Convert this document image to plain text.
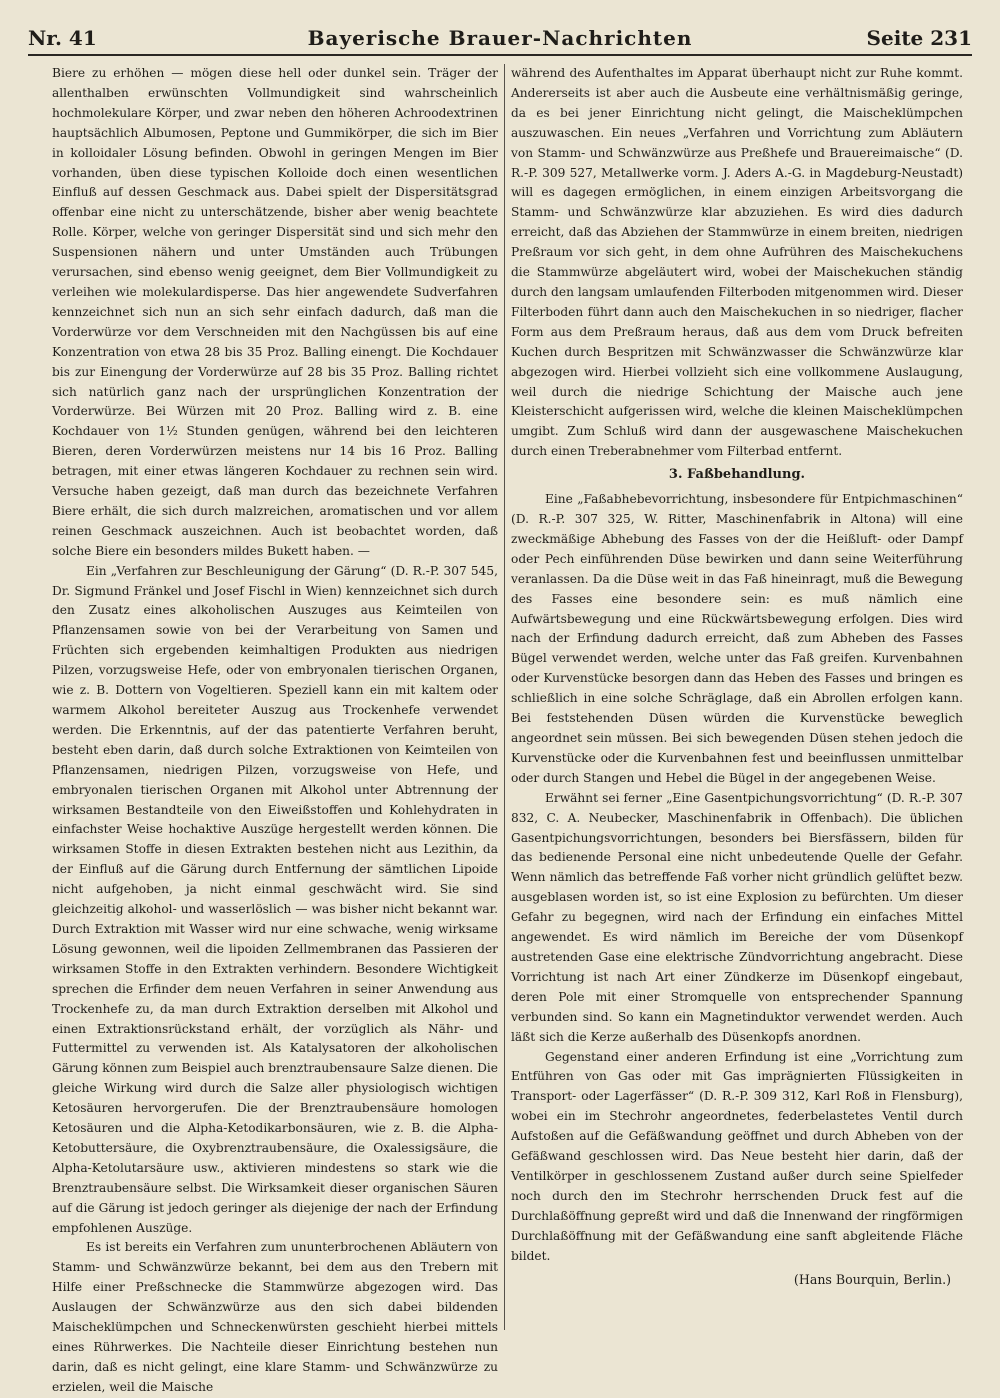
Nr. 41	Bayerische Brauer-Nachrichten	Seite 231

Biere zu erhöhen — mögen diese hell oder dunkel sein. Träger der allenthalben erwünschten Vollmundigkeit sind wahrscheinlich hochmolekulare Körper, und zwar neben den höheren Achroodextrinen hauptsächlich Albumosen, Peptone und Gummikörper, die sich im Bier in kolloidaler Lösung befinden. Obwohl in geringen Mengen im Bier vorhanden, üben diese typischen Kolloide doch einen wesentlichen Einfluß auf dessen Geschmack aus. Dabei spielt der Dispersitätsgrad offenbar eine nicht zu unterschätzende, bisher aber wenig beachtete Rolle. Körper, welche von geringer Dispersität sind und sich mehr den Suspensionen nähern und unter Umständen auch Trübungen verursachen, sind ebenso wenig geeignet, dem Bier Vollmundigkeit zu verleihen wie molekulardisperse. Das hier angewendete Sudverfahren kennzeichnet sich nun an sich sehr einfach dadurch, daß man die Vorderwürze vor dem Verschneiden mit den Nachgüssen bis auf eine Konzentration von etwa 28 bis 35 Proz. Balling einengt. Die Kochdauer bis zur Einengung der Vorderwürze auf 28 bis 35 Proz. Balling richtet sich natürlich ganz nach der ursprünglichen Konzentration der Vorderwürze. Bei Würzen mit 20 Proz. Balling wird z. B. eine Kochdauer von 1½ Stunden genügen, während bei den leichteren Bieren, deren Vorderwürzen meistens nur 14 bis 16 Proz. Balling betragen, mit einer etwas längeren Kochdauer zu rechnen sein wird. Versuche haben gezeigt, daß man durch das bezeichnete Verfahren Biere erhält, die sich durch malzreichen, aromatischen und vor allem reinen Geschmack auszeichnen. Auch ist beobachtet worden, daß solche Biere ein besonders mildes Bukett haben. —

Ein „Verfahren zur Beschleunigung der Gärung“ (D. R.-P. 307 545, Dr. Sigmund Fränkel und Josef Fischl in Wien) kennzeichnet sich durch den Zusatz eines alkoholischen Auszuges aus Keimteilen von Pflanzensamen sowie von bei der Verarbeitung von Samen und Früchten sich ergebenden keimhaltigen Produkten aus niedrigen Pilzen, vorzugsweise Hefe, oder von embryonalen tierischen Organen, wie z. B. Dottern von Vogeltieren. Speziell kann ein mit kaltem oder warmem Alkohol bereiteter Auszug aus Trockenhefe verwendet werden. Die Erkenntnis, auf der das patentierte Verfahren beruht, besteht eben darin, daß durch solche Extraktionen von Keimteilen von Pflanzensamen, niedrigen Pilzen, vorzugsweise von Hefe, und embryonalen tierischen Organen mit Alkohol unter Abtrennung der wirksamen Bestandteile von den Eiweißstoffen und Kohlehydraten in einfachster Weise hochaktive Auszüge hergestellt werden können. Die wirksamen Stoffe in diesen Extrakten bestehen nicht aus Lezithin, da der Einfluß auf die Gärung durch Entfernung der sämtlichen Lipoide nicht aufgehoben, ja nicht einmal geschwächt wird. Sie sind gleichzeitig alkohol- und wasserlöslich — was bisher nicht bekannt war. Durch Extraktion mit Wasser wird nur eine schwache, wenig wirksame Lösung gewonnen, weil die lipoiden Zellmembranen das Passieren der wirksamen Stoffe in den Extrakten verhindern. Besondere Wichtigkeit sprechen die Erfinder dem neuen Verfahren in seiner Anwendung aus Trockenhefe zu, da man durch Extraktion derselben mit Alkohol und einen Extraktionsrückstand erhält, der vorzüglich als Nähr- und Futtermittel zu verwenden ist. Als Katalysatoren der alkoholischen Gärung können zum Beispiel auch brenztraubensaure Salze dienen. Die gleiche Wirkung wird durch die Salze aller physiologisch wichtigen Ketosäuren hervorgerufen. Die der Brenztraubensäure homologen Ketosäuren und die Alpha-Ketodikarbonsäuren, wie z. B. die Alpha-Ketobuttersäure, die Oxybrenztraubensäure, die Oxalessigsäure, die Alpha-Ketolutarsäure usw., aktivieren mindestens so stark wie die Brenztraubensäure selbst. Die Wirksamkeit dieser organischen Säuren auf die Gärung ist jedoch geringer als diejenige der nach der Erfindung empfohlenen Auszüge.

Es ist bereits ein Verfahren zum ununterbrochenen Abläutern von Stamm- und Schwänzwürze bekannt, bei dem aus den Trebern mit Hilfe einer Preßschnecke die Stammwürze abgezogen wird. Das Auslaugen der Schwänzwürze aus den sich dabei bildenden Maischeklümpchen und Schneckenwürsten geschieht hierbei mittels eines Rührwerkes. Die Nachteile dieser Einrichtung bestehen nun darin, daß es nicht gelingt, eine klare Stamm- und Schwänzwürze zu erzielen, weil die Maische

während des Aufenthaltes im Apparat überhaupt nicht zur Ruhe kommt. Andererseits ist aber auch die Ausbeute eine verhältnismäßig geringe, da es bei jener Einrichtung nicht gelingt, die Maischeklümpchen auszuwaschen. Ein neues „Verfahren und Vorrichtung zum Abläutern von Stamm- und Schwänzwürze aus Preßhefe und Brauereimaische“ (D. R.-P. 309 527, Metallwerke vorm. J. Aders A.-G. in Magdeburg-Neustadt) will es dagegen ermöglichen, in einem einzigen Arbeitsvorgang die Stamm- und Schwänzwürze klar abzuziehen. Es wird dies dadurch erreicht, daß das Abziehen der Stammwürze in einem breiten, niedrigen Preßraum vor sich geht, in dem ohne Aufrühren des Maischekuchens die Stammwürze abgeläutert wird, wobei der Maischekuchen ständig durch den langsam umlaufenden Filterboden mitgenommen wird. Dieser Filterboden führt dann auch den Maischekuchen in so niedriger, flacher Form aus dem Preßraum heraus, daß aus dem vom Druck befreiten Kuchen durch Bespritzen mit Schwänzwasser die Schwänzwürze klar abgezogen wird. Hierbei vollzieht sich eine vollkommene Auslaugung, weil durch die niedrige Schichtung der Maische auch jene Kleisterschicht aufgerissen wird, welche die kleinen Maischeklümpchen umgibt. Zum Schluß wird dann der ausgewaschene Maischekuchen durch einen Treberabnehmer vom Filterbad entfernt.

3. Faßbehandlung.

Eine „Faßabhebevorrichtung, insbesondere für Entpichmaschinen“ (D. R.-P. 307 325, W. Ritter, Maschinenfabrik in Altona) will eine zweckmäßige Abhebung des Fasses von der die Heißluft- oder Dampf oder Pech einführenden Düse bewirken und dann seine Weiterführung veranlassen. Da die Düse weit in das Faß hineinragt, muß die Bewegung des Fasses eine besondere sein: es muß nämlich eine Aufwärtsbewegung und eine Rückwärtsbewegung erfolgen. Dies wird nach der Erfindung dadurch erreicht, daß zum Abheben des Fasses Bügel verwendet werden, welche unter das Faß greifen. Kurvenbahnen oder Kurvenstücke besorgen dann das Heben des Fasses und bringen es schließlich in eine solche Schräglage, daß ein Abrollen erfolgen kann. Bei feststehenden Düsen würden die Kurvenstücke beweglich angeordnet sein müssen. Bei sich bewegenden Düsen stehen jedoch die Kurvenstücke oder die Kurvenbahnen fest und beeinflussen unmittelbar oder durch Stangen und Hebel die Bügel in der angegebenen Weise.

Erwähnt sei ferner „Eine Gasentpichungsvorrichtung“ (D. R.-P. 307 832, C. A. Neubecker, Maschinenfabrik in Offenbach). Die üblichen Gasentpichungsvorrichtungen, besonders bei Biersfässern, bilden für das bedienende Personal eine nicht unbedeutende Quelle der Gefahr. Wenn nämlich das betreffende Faß vorher nicht gründlich gelüftet bezw. ausgeblasen worden ist, so ist eine Explosion zu befürchten. Um dieser Gefahr zu begegnen, wird nach der Erfindung ein einfaches Mittel angewendet. Es wird nämlich im Bereiche der vom Düsenkopf austretenden Gase eine elektrische Zündvorrichtung angebracht. Diese Vorrichtung ist nach Art einer Zündkerze im Düsenkopf eingebaut, deren Pole mit einer Stromquelle von entsprechender Spannung verbunden sind. So kann ein Magnetinduktor verwendet werden. Auch läßt sich die Kerze außerhalb des Düsenkopfs anordnen.

Gegenstand einer anderen Erfindung ist eine „Vorrichtung zum Entführen von Gas oder mit Gas imprägnierten Flüssigkeiten in Transport- oder Lagerfässer“ (D. R.-P. 309 312, Karl Roß in Flensburg), wobei ein im Stechrohr angeordnetes, federbelastetes Ventil durch Aufstoßen auf die Gefäßwandung geöffnet und durch Abheben von der Gefäßwand geschlossen wird. Das Neue besteht hier darin, daß der Ventilkörper in geschlossenem Zustand außer durch seine Spielfeder noch durch den im Stechrohr herrschenden Druck fest auf die Durchlaßöffnung gepreßt wird und daß die Innenwand der ringförmigen Durchlaßöffnung mit der Gefäßwandung eine sanft abgleitende Fläche bildet.

(Hans Bourquin, Berlin.)
